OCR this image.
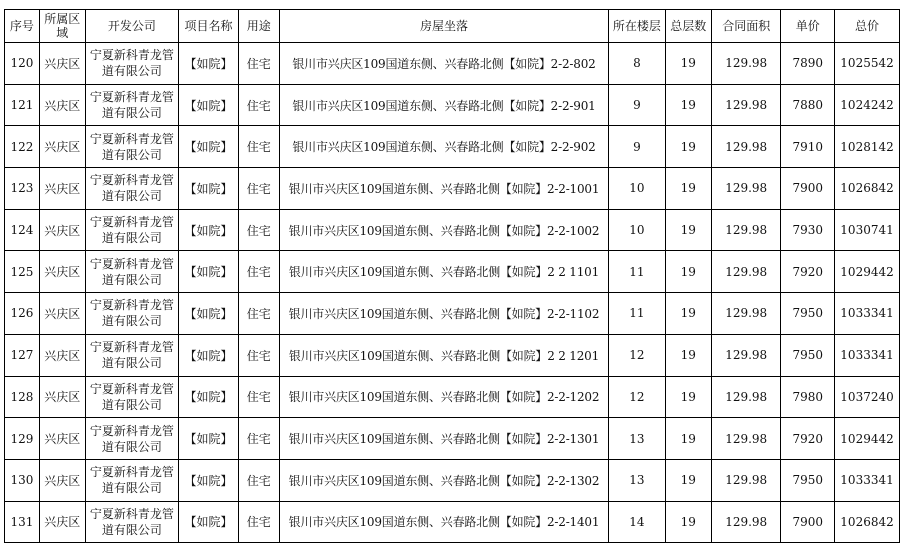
序号	所属区域	开发公司	项目名称	用途	房屋坐落	所在楼层	总层数	合同面积	单价	总价
120	兴庆区	宁夏新科青龙管道有限公司	【如院】	住宅	银川市兴庆区109国道东侧、兴春路北侧【如院】2-2-802	8	19	129.98	7890	1025542
121	兴庆区	宁夏新科青龙管道有限公司	【如院】	住宅	银川市兴庆区109国道东侧、兴春路北侧【如院】2-2-901	9	19	129.98	7880	1024242
122	兴庆区	宁夏新科青龙管道有限公司	【如院】	住宅	银川市兴庆区109国道东侧、兴春路北侧【如院】2-2-902	9	19	129.98	7910	1028142
123	兴庆区	宁夏新科青龙管道有限公司	【如院】	住宅	银川市兴庆区109国道东侧、兴春路北侧【如院】2-2-1001	10	19	129.98	7900	1026842
124	兴庆区	宁夏新科青龙管道有限公司	【如院】	住宅	银川市兴庆区109国道东侧、兴春路北侧【如院】2-2-1002	10	19	129.98	7930	1030741
125	兴庆区	宁夏新科青龙管道有限公司	【如院】	住宅	银川市兴庆区109国道东侧、兴春路北侧【如院】2 2 1101	11	19	129.98	7920	1029442
126	兴庆区	宁夏新科青龙管道有限公司	【如院】	住宅	银川市兴庆区109国道东侧、兴春路北侧【如院】2-2-1102	11	19	129.98	7950	1033341
127	兴庆区	宁夏新科青龙管道有限公司	【如院】	住宅	银川市兴庆区109国道东侧、兴春路北侧【如院】2 2 1201	12	19	129.98	7950	1033341
128	兴庆区	宁夏新科青龙管道有限公司	【如院】	住宅	银川市兴庆区109国道东侧、兴春路北侧【如院】2-2-1202	12	19	129.98	7980	1037240
129	兴庆区	宁夏新科青龙管道有限公司	【如院】	住宅	银川市兴庆区109国道东侧、兴春路北侧【如院】2-2-1301	13	19	129.98	7920	1029442
130	兴庆区	宁夏新科青龙管道有限公司	【如院】	住宅	银川市兴庆区109国道东侧、兴春路北侧【如院】2-2-1302	13	19	129.98	7950	1033341
131	兴庆区	宁夏新科青龙管道有限公司	【如院】	住宅	银川市兴庆区109国道东侧、兴春路北侧【如院】2-2-1401	14	19	129.98	7900	1026842
